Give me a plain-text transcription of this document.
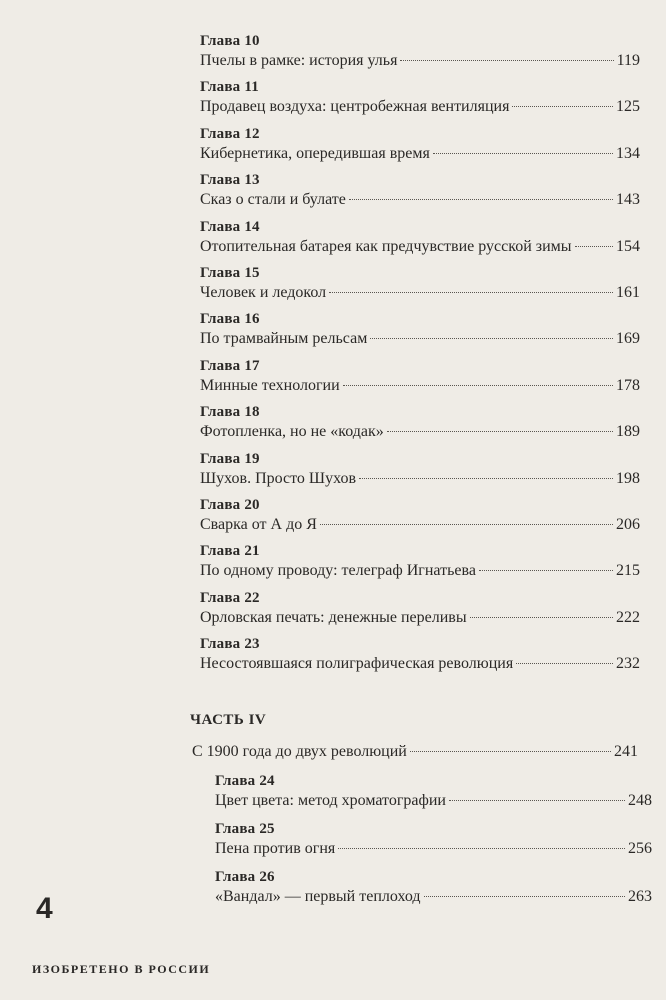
Глава 10
Пчелы в рамке: история улья	119
Глава 11
Продавец воздуха: центробежная вентиляция	125
Глава 12
Кибернетика, опередившая время	134
Глава 13
Сказ о стали и булате	143
Глава 14
Отопительная батарея как предчувствие русской зимы	154
Глава 15
Человек и ледокол	161
Глава 16
По трамвайным рельсам	169
Глава 17
Минные технологии	178
Глава 18
Фотопленка, но не «кодак»	189
Глава 19
Шухов. Просто Шухов	198
Глава 20
Сварка от А до Я	206
Глава 21
По одному проводу: телеграф Игнатьева	215
Глава 22
Орловская печать: денежные переливы	222
Глава 23
Несостоявшаяся полиграфическая революция	232
ЧАСТЬ IV
С 1900 года до двух революций	241
Глава 24
Цвет цвета: метод хроматографии	248
Глава 25
Пена против огня	256
Глава 26
«Вандал» — первый теплоход	263
4
ИЗОБРЕТЕНО В РОССИИ
